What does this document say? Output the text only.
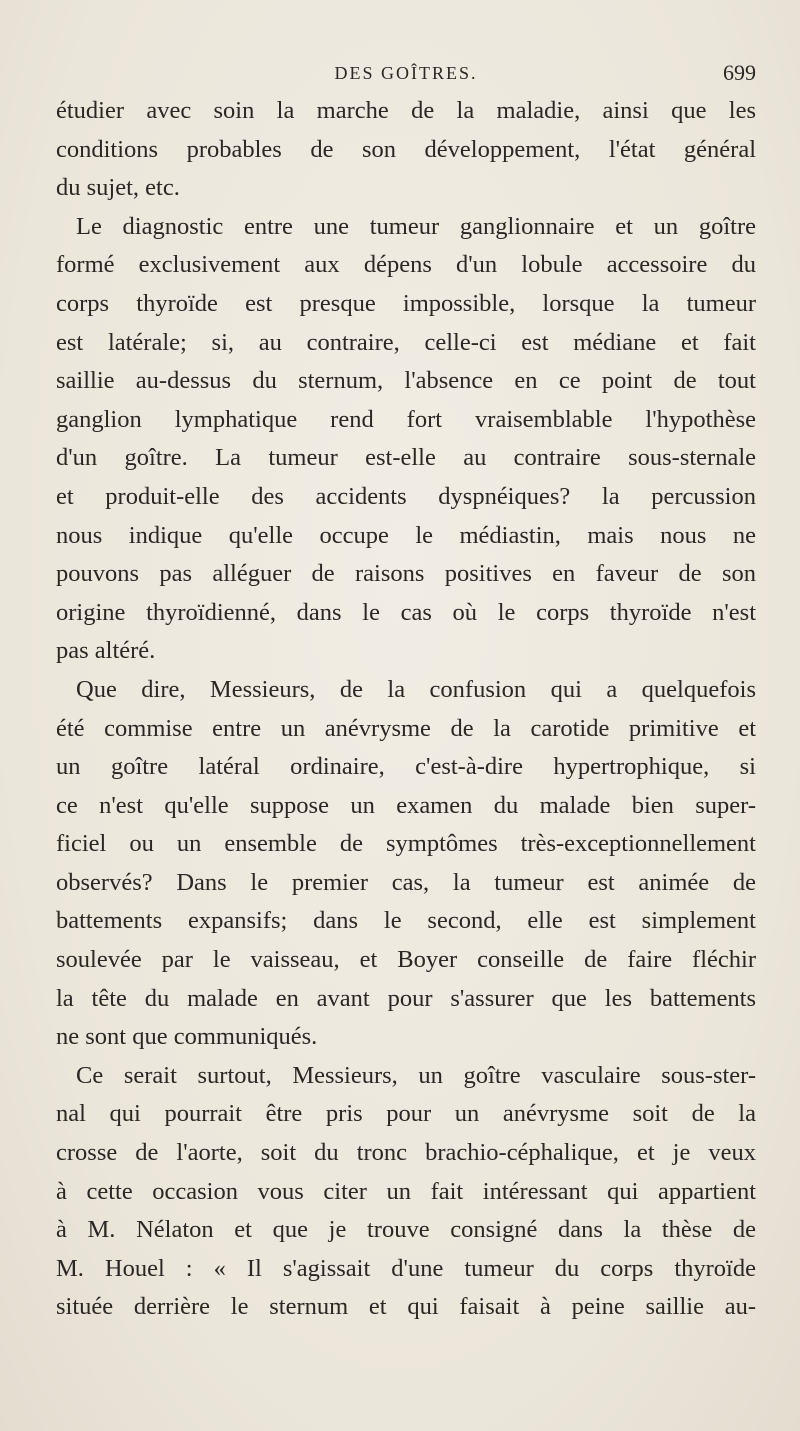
DES GOÎTRES.	699
étudier avec soin la marche de la maladie, ainsi que les
conditions probables de son développement, l'état général
du sujet, etc.
Le diagnostic entre une tumeur ganglionnaire et un goître
formé exclusivement aux dépens d'un lobule accessoire du
corps thyroïde est presque impossible, lorsque la tumeur
est latérale; si, au contraire, celle-ci est médiane et fait
saillie au-dessus du sternum, l'absence en ce point de tout
ganglion lymphatique rend fort vraisemblable l'hypothèse
d'un goître. La tumeur est-elle au contraire sous-sternale
et produit-elle des accidents dyspnéiques? la percussion
nous indique qu'elle occupe le médiastin, mais nous ne
pouvons pas alléguer de raisons positives en faveur de son
origine thyroïdienné, dans le cas où le corps thyroïde n'est
pas altéré.
Que dire, Messieurs, de la confusion qui a quelquefois
été commise entre un anévrysme de la carotide primitive et
un goître latéral ordinaire, c'est-à-dire hypertrophique, si
ce n'est qu'elle suppose un examen du malade bien super-
ficiel ou un ensemble de symptômes très-exceptionnellement
observés? Dans le premier cas, la tumeur est animée de
battements expansifs; dans le second, elle est simplement
soulevée par le vaisseau, et Boyer conseille de faire fléchir
la tête du malade en avant pour s'assurer que les battements
ne sont que communiqués.
Ce serait surtout, Messieurs, un goître vasculaire sous-ster-
nal qui pourrait être pris pour un anévrysme soit de la
crosse de l'aorte, soit du tronc brachio-céphalique, et je veux
à cette occasion vous citer un fait intéressant qui appartient
à M. Nélaton et que je trouve consigné dans la thèse de
M. Houel : « Il s'agissait d'une tumeur du corps thyroïde
située derrière le sternum et qui faisait à peine saillie au-
